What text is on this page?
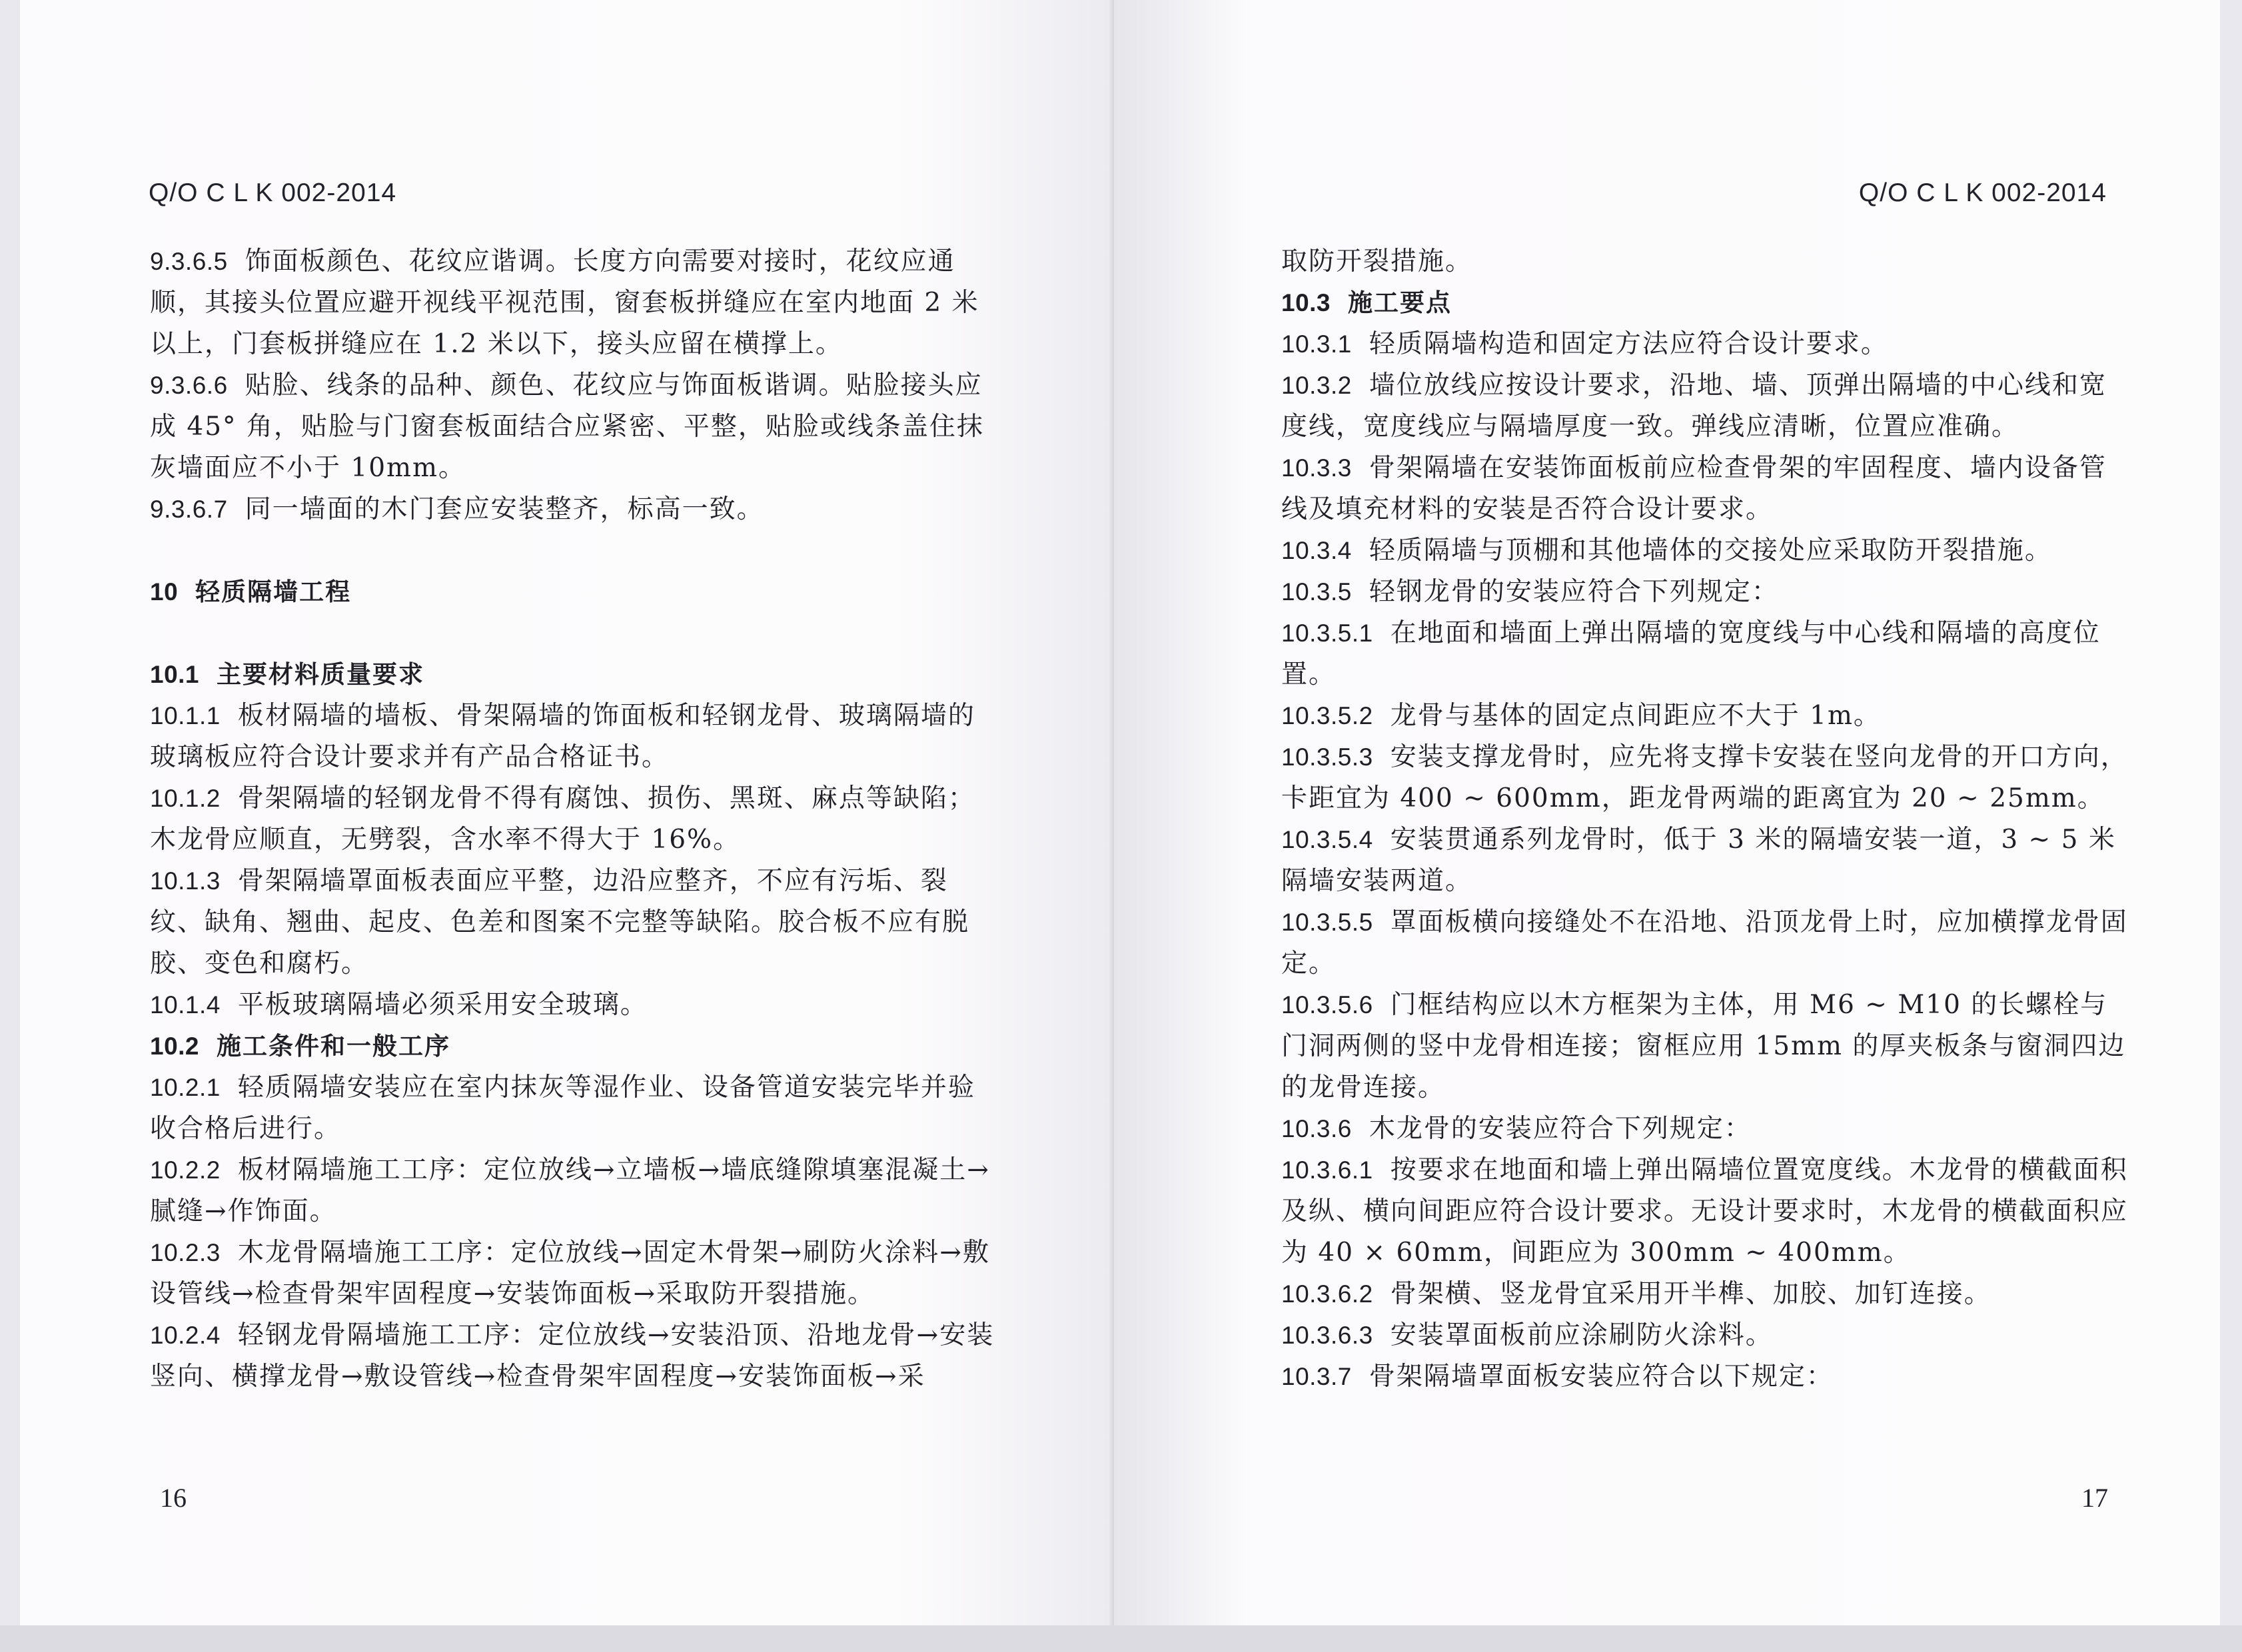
Q/O C L K 002-2014

9.3.6.5 饰面板颜色、花纹应谐调。长度方向需要对接时，花纹应通顺，其接头位置应避开视线平视范围，窗套板拼缝应在室内地面 2 米以上，门套板拼缝应在 1.2 米以下，接头应留在横撑上。

9.3.6.6 贴脸、线条的品种、颜色、花纹应与饰面板谐调。贴脸接头应成 45° 角，贴脸与门窗套板面结合应紧密、平整，贴脸或线条盖住抹灰墙面应不小于 10mm。

9.3.6.7 同一墙面的木门套应安装整齐，标高一致。

10 轻质隔墙工程

10.1 主要材料质量要求

10.1.1 板材隔墙的墙板、骨架隔墙的饰面板和轻钢龙骨、玻璃隔墙的玻璃板应符合设计要求并有产品合格证书。

10.1.2 骨架隔墙的轻钢龙骨不得有腐蚀、损伤、黑斑、麻点等缺陷；木龙骨应顺直，无劈裂，含水率不得大于 16%。

10.1.3 骨架隔墙罩面板表面应平整，边沿应整齐，不应有污垢、裂纹、缺角、翘曲、起皮、色差和图案不完整等缺陷。胶合板不应有脱胶、变色和腐朽。

10.1.4 平板玻璃隔墙必须采用安全玻璃。

10.2 施工条件和一般工序

10.2.1 轻质隔墙安装应在室内抹灰等湿作业、设备管道安装完毕并验收合格后进行。

10.2.2 板材隔墙施工工序：定位放线→立墙板→墙底缝隙填塞混凝土→腻缝→作饰面。

10.2.3 木龙骨隔墙施工工序：定位放线→固定木骨架→刷防火涂料→敷设管线→检查骨架牢固程度→安装饰面板→采取防开裂措施。

10.2.4 轻钢龙骨隔墙施工工序：定位放线→安装沿顶、沿地龙骨→安装竖向、横撑龙骨→敷设管线→检查骨架牢固程度→安装饰面板→采

16
Q/O C L K 002-2014

取防开裂措施。

10.3 施工要点

10.3.1 轻质隔墙构造和固定方法应符合设计要求。

10.3.2 墙位放线应按设计要求，沿地、墙、顶弹出隔墙的中心线和宽度线，宽度线应与隔墙厚度一致。弹线应清晰，位置应准确。

10.3.3 骨架隔墙在安装饰面板前应检查骨架的牢固程度、墙内设备管线及填充材料的安装是否符合设计要求。

10.3.4 轻质隔墙与顶棚和其他墙体的交接处应采取防开裂措施。

10.3.5 轻钢龙骨的安装应符合下列规定：

10.3.5.1 在地面和墙面上弹出隔墙的宽度线与中心线和隔墙的高度位置。

10.3.5.2 龙骨与基体的固定点间距应不大于 1m。

10.3.5.3 安装支撑龙骨时，应先将支撑卡安装在竖向龙骨的开口方向，卡距宜为 400 ~ 600mm，距龙骨两端的距离宜为 20 ~ 25mm。

10.3.5.4 安装贯通系列龙骨时，低于 3 米的隔墙安装一道，3 ~ 5 米隔墙安装两道。

10.3.5.5 罩面板横向接缝处不在沿地、沿顶龙骨上时，应加横撑龙骨固定。

10.3.5.6 门框结构应以木方框架为主体，用 M6 ~ M10 的长螺栓与门洞两侧的竖中龙骨相连接；窗框应用 15mm 的厚夹板条与窗洞四边的龙骨连接。

10.3.6 木龙骨的安装应符合下列规定：

10.3.6.1 按要求在地面和墙上弹出隔墙位置宽度线。木龙骨的横截面积及纵、横向间距应符合设计要求。无设计要求时，木龙骨的横截面积应为 40 × 60mm，间距应为 300mm ~ 400mm。

10.3.6.2 骨架横、竖龙骨宜采用开半榫、加胶、加钉连接。

10.3.6.3 安装罩面板前应涂刷防火涂料。

10.3.7 骨架隔墙罩面板安装应符合以下规定：

17
